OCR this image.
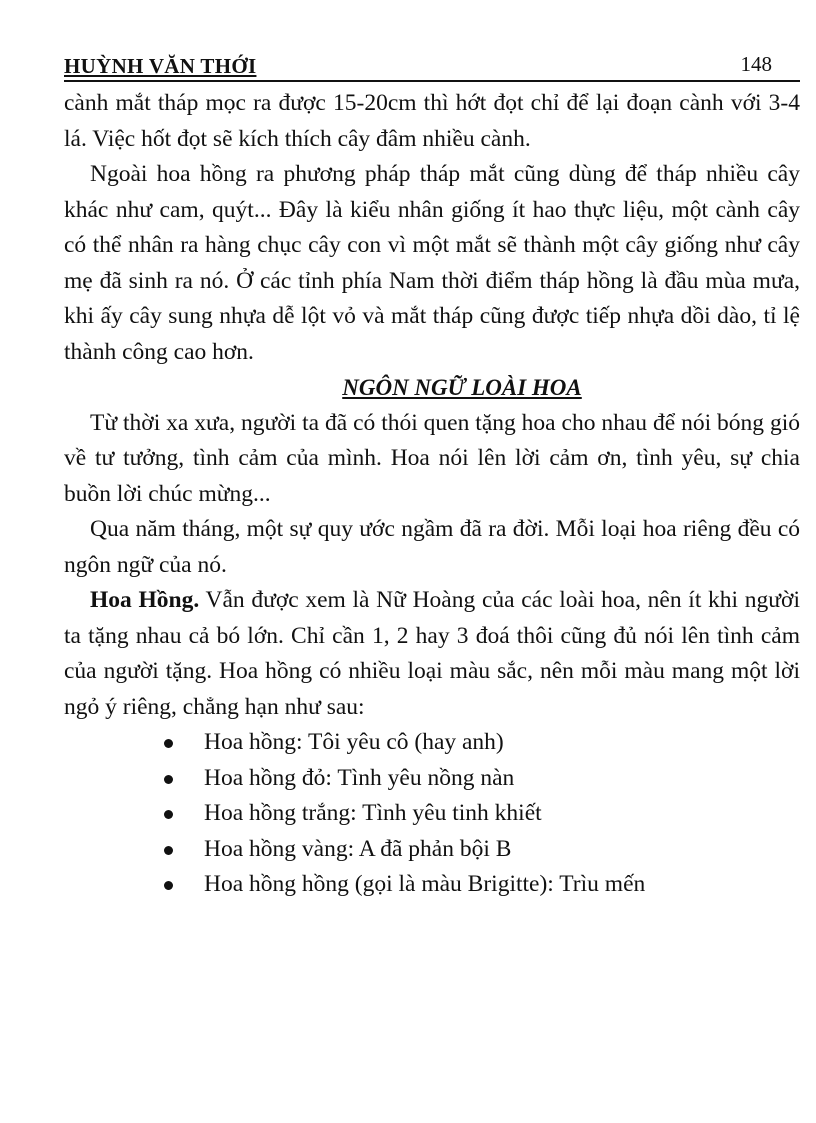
HUỲNH VĂN THỚI	148

cành mắt tháp mọc ra được 15-20cm thì hớt đọt chỉ để lại đoạn cành với 3-4 lá. Việc hốt đọt sẽ kích thích cây đâm nhiều cành.

Ngoài hoa hồng ra phương pháp tháp mắt cũng dùng để tháp nhiều cây khác như cam, quýt... Đây là kiểu nhân giống ít hao thực liệu, một cành cây có thể nhân ra hàng chục cây con vì một mắt sẽ thành một cây giống như cây mẹ đã sinh ra nó. Ở các tỉnh phía Nam thời điểm tháp hồng là đầu mùa mưa, khi ấy cây sung nhựa dễ lột vỏ và mắt tháp cũng được tiếp nhựa dồi dào, tỉ lệ thành công cao hơn.

NGÔN NGỮ LOÀI HOA

Từ thời xa xưa, người ta đã có thói quen tặng hoa cho nhau để nói bóng gió về tư tưởng, tình cảm của mình. Hoa nói lên lời cảm ơn, tình yêu, sự chia buồn lời chúc mừng...

Qua năm tháng, một sự quy ước ngầm đã ra đời. Mỗi loại hoa riêng đều có ngôn ngữ của nó.

Hoa Hồng. Vẫn được xem là Nữ Hoàng của các loài hoa, nên ít khi người ta tặng nhau cả bó lớn. Chỉ cần 1, 2 hay 3 đoá thôi cũng đủ nói lên tình cảm của người tặng. Hoa hồng có nhiều loại màu sắc, nên mỗi màu mang một lời ngỏ ý riêng, chẳng hạn như sau:

Hoa hồng: Tôi yêu cô (hay anh)
Hoa hồng đỏ: Tình yêu nồng nàn
Hoa hồng trắng: Tình yêu tinh khiết
Hoa hồng vàng: A đã phản bội B
Hoa hồng hồng (gọi là màu Brigitte): Trìu mến
